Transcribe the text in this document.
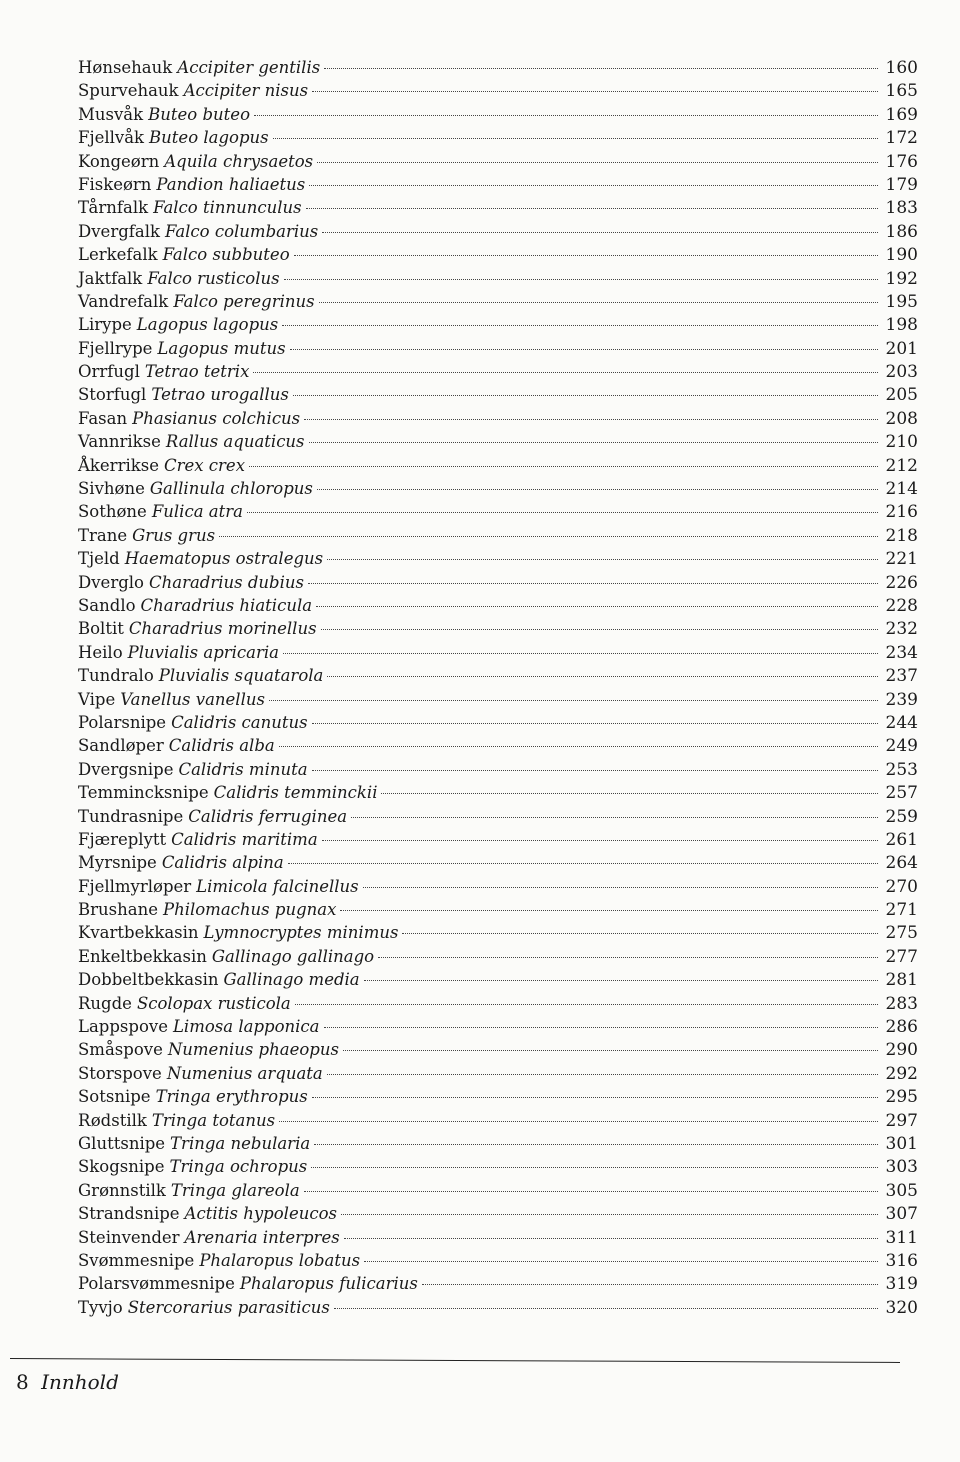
Hønsehauk Accipiter gentilis	160
Spurvehauk Accipiter nisus	165
Musvåk Buteo buteo	169
Fjellvåk Buteo lagopus	172
Kongeørn Aquila chrysaetos	176
Fiskeørn Pandion haliaetus	179
Tårnfalk Falco tinnunculus	183
Dvergfalk Falco columbarius	186
Lerkefalk Falco subbuteo	190
Jaktfalk Falco rusticolus	192
Vandrefalk Falco peregrinus	195
Lirype Lagopus lagopus	198
Fjellrype Lagopus mutus	201
Orrfugl Tetrao tetrix	203
Storfugl Tetrao urogallus	205
Fasan Phasianus colchicus	208
Vannrikse Rallus aquaticus	210
Åkerrikse Crex crex	212
Sivhøne Gallinula chloropus	214
Sothøne Fulica atra	216
Trane Grus grus	218
Tjeld Haematopus ostralegus	221
Dverglo Charadrius dubius	226
Sandlo Charadrius hiaticula	228
Boltit Charadrius morinellus	232
Heilo Pluvialis apricaria	234
Tundralo Pluvialis squatarola	237
Vipe Vanellus vanellus	239
Polarsnipe Calidris canutus	244
Sandløper Calidris alba	249
Dvergsnipe Calidris minuta	253
Temmincksnipe Calidris temminckii	257
Tundrasnipe Calidris ferruginea	259
Fjæreplytt Calidris maritima	261
Myrsnipe Calidris alpina	264
Fjellmyrløper Limicola falcinellus	270
Brushane Philomachus pugnax	271
Kvartbekkasin Lymnocryptes minimus	275
Enkeltbekkasin Gallinago gallinago	277
Dobbeltbekkasin Gallinago media	281
Rugde Scolopax rusticola	283
Lappspove Limosa lapponica	286
Småspove Numenius phaeopus	290
Storspove Numenius arquata	292
Sotsnipe Tringa erythropus	295
Rødstilk Tringa totanus	297
Gluttsnipe Tringa nebularia	301
Skogsnipe Tringa ochropus	303
Grønnstilk Tringa glareola	305
Strandsnipe Actitis hypoleucos	307
Steinvender Arenaria interpres	311
Svømmesnipe Phalaropus lobatus	316
Polarsvømmesnipe Phalaropus fulicarius	319
Tyvjo Stercorarius parasiticus	320
8 Innhold
